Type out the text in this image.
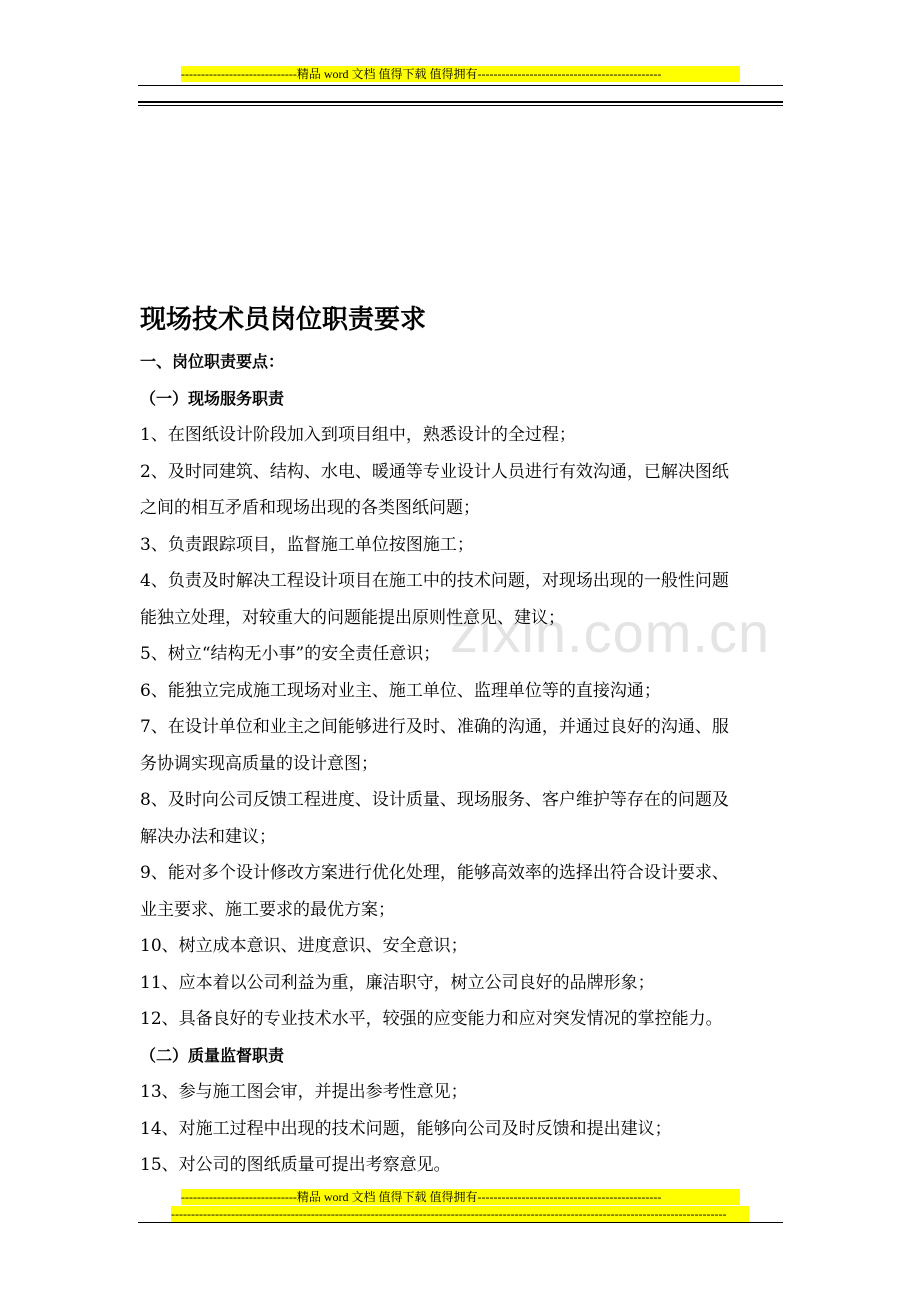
-----------------------------精品 word 文档 值得下载 值得拥有----------------------------------------------
zixin.com.cn
现场技术员岗位职责要求
一、岗位职责要点：
（一）现场服务职责
1、在图纸设计阶段加入到项目组中，熟悉设计的全过程；
2、及时同建筑、结构、水电、暖通等专业设计人员进行有效沟通，已解决图纸
之间的相互矛盾和现场出现的各类图纸问题；
3、负责跟踪项目，监督施工单位按图施工；
4、负责及时解决工程设计项目在施工中的技术问题，对现场出现的一般性问题
能独立处理，对较重大的问题能提出原则性意见、建议；
5、树立“结构无小事”的安全责任意识；
6、能独立完成施工现场对业主、施工单位、监理单位等的直接沟通；
7、在设计单位和业主之间能够进行及时、准确的沟通，并通过良好的沟通、服
务协调实现高质量的设计意图；
8、及时向公司反馈工程进度、设计质量、现场服务、客户维护等存在的问题及
解决办法和建议；
9、能对多个设计修改方案进行优化处理，能够高效率的选择出符合设计要求、
业主要求、施工要求的最优方案；
10、树立成本意识、进度意识、安全意识；
11、应本着以公司利益为重，廉洁职守，树立公司良好的品牌形象；
12、具备良好的专业技术水平，较强的应变能力和应对突发情况的掌控能力。
（二）质量监督职责
13、参与施工图会审，并提出参考性意见；
14、对施工过程中出现的技术问题，能够向公司及时反馈和提出建议；
15、对公司的图纸质量可提出考察意见。
-----------------------------精品 word 文档 值得下载 值得拥有----------------------------------------------
-------------------------------------------------------------------------------------------------------------------------------------------
